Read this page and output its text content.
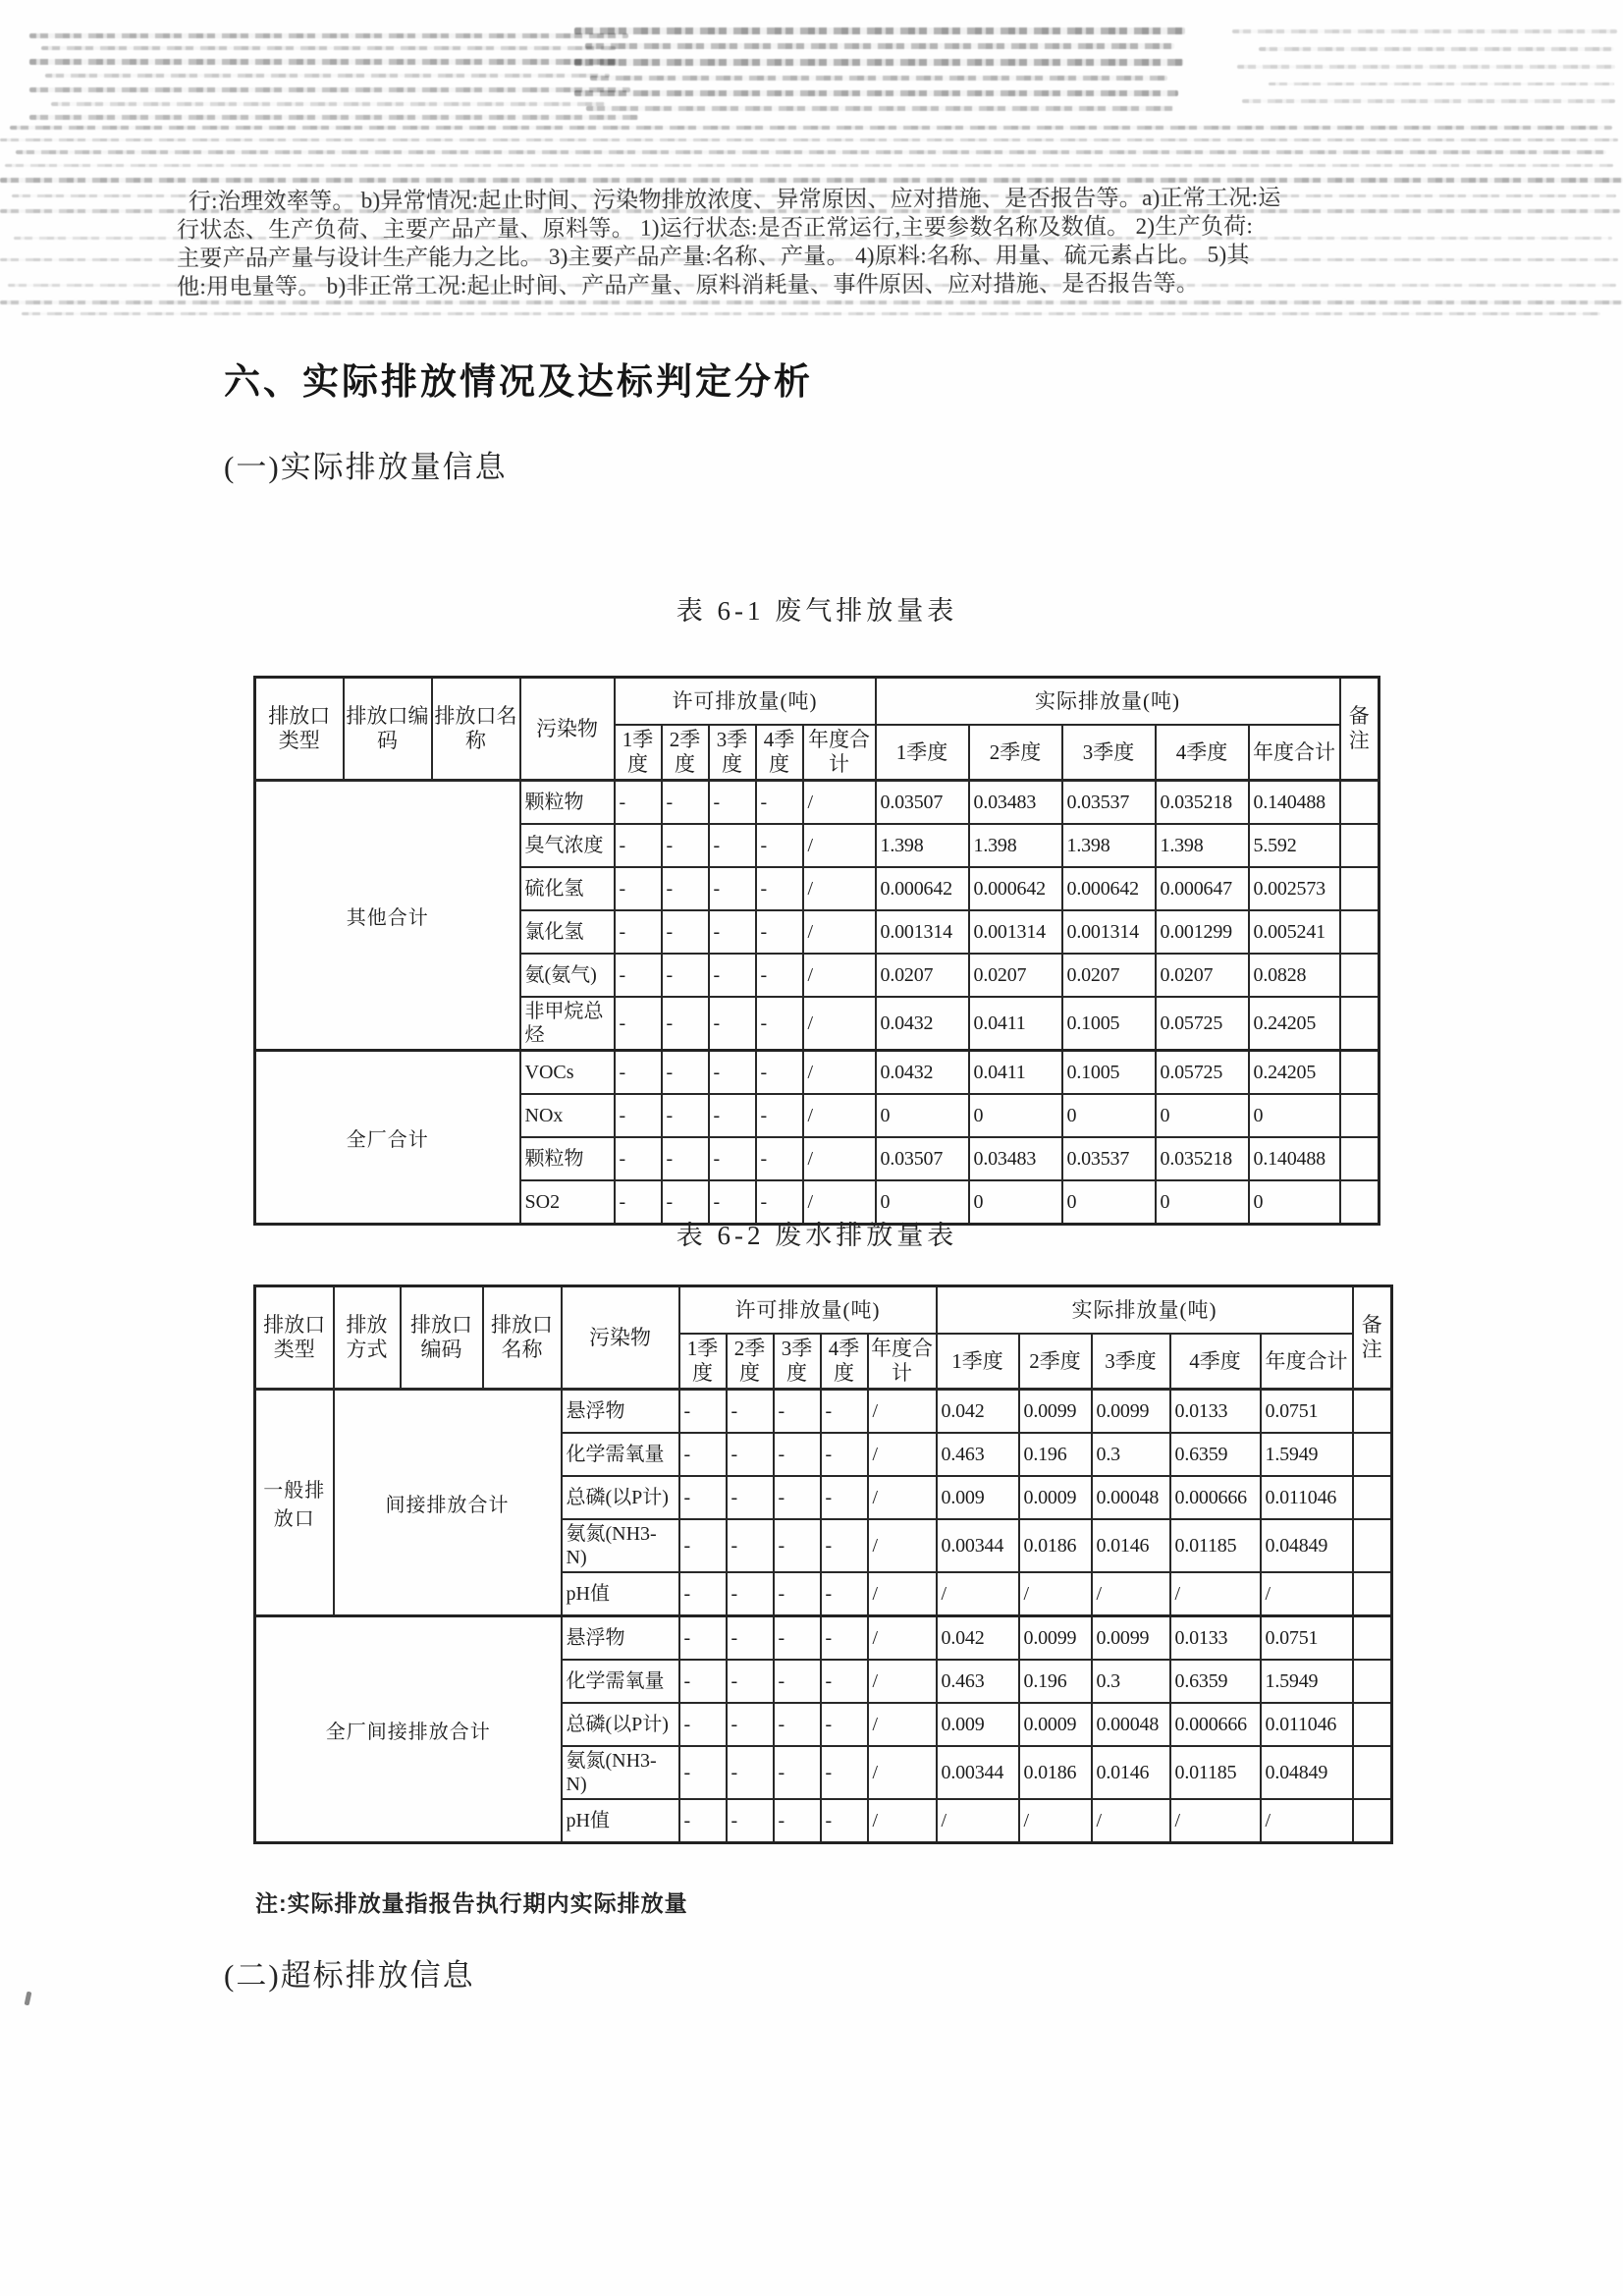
行:治理效率等。 b)异常情况:起止时间、污染物排放浓度、异常原因、应对措施、是否报告等。a)正常工况:运
行状态、生产负荷、主要产品产量、原料等。 1)运行状态:是否正常运行,主要参数名称及数值。 2)生产负荷:
主要产品产量与设计生产能力之比。 3)主要产品产量:名称、产量。 4)原料:名称、用量、硫元素占比。 5)其
他:用电量等。 b)非正常工况:起止时间、产品产量、原料消耗量、事件原因、应对措施、是否报告等。
六、实际排放情况及达标判定分析
(一)实际排放量信息
表 6-1 废气排放量表
排放口类型	排放口编码	排放口名称	污染物	许可排放量(吨)					实际排放量(吨)					备注
				1季度	2季度	3季度	4季度	年度合计	1季度	2季度	3季度	4季度	年度合计	
其他合计			颗粒物	-	-	-	-	/	0.03507	0.03483	0.03537	0.035218	0.140488	
			臭气浓度	-	-	-	-	/	1.398	1.398	1.398	1.398	5.592	
			硫化氢	-	-	-	-	/	0.000642	0.000642	0.000642	0.000647	0.002573	
			氯化氢	-	-	-	-	/	0.001314	0.001314	0.001314	0.001299	0.005241	
			氨(氨气)	-	-	-	-	/	0.0207	0.0207	0.0207	0.0207	0.0828	
			非甲烷总烃	-	-	-	-	/	0.0432	0.0411	0.1005	0.05725	0.24205	
全厂合计			VOCs	-	-	-	-	/	0.0432	0.0411	0.1005	0.05725	0.24205	
			NOx	-	-	-	-	/	0	0	0	0	0	
			颗粒物	-	-	-	-	/	0.03507	0.03483	0.03537	0.035218	0.140488	
			SO2	-	-	-	-	/	0	0	0	0	0	
表 6-2 废水排放量表
排放口类型	排放方式	排放口编码	排放口名称	污染物	许可排放量(吨)					实际排放量(吨)					备注
					1季度	2季度	3季度	4季度	年度合计	1季度	2季度	3季度	4季度	年度合计	
一般排放口	间接排放合计			悬浮物	-	-	-	-	/	0.042	0.0099	0.0099	0.0133	0.0751	
				化学需氧量	-	-	-	-	/	0.463	0.196	0.3	0.6359	1.5949	
				总磷(以P计)	-	-	-	-	/	0.009	0.0009	0.00048	0.000666	0.011046	
				氨氮(NH3-N)	-	-	-	-	/	0.00344	0.0186	0.0146	0.01185	0.04849	
				pH值	-	-	-	-	/	/	/	/	/	/	
全厂间接排放合计				悬浮物	-	-	-	-	/	0.042	0.0099	0.0099	0.0133	0.0751	
				化学需氧量	-	-	-	-	/	0.463	0.196	0.3	0.6359	1.5949	
				总磷(以P计)	-	-	-	-	/	0.009	0.0009	0.00048	0.000666	0.011046	
				氨氮(NH3-N)	-	-	-	-	/	0.00344	0.0186	0.0146	0.01185	0.04849	
				pH值	-	-	-	-	/	/	/	/	/	/	
注:实际排放量指报告执行期内实际排放量
(二)超标排放信息
